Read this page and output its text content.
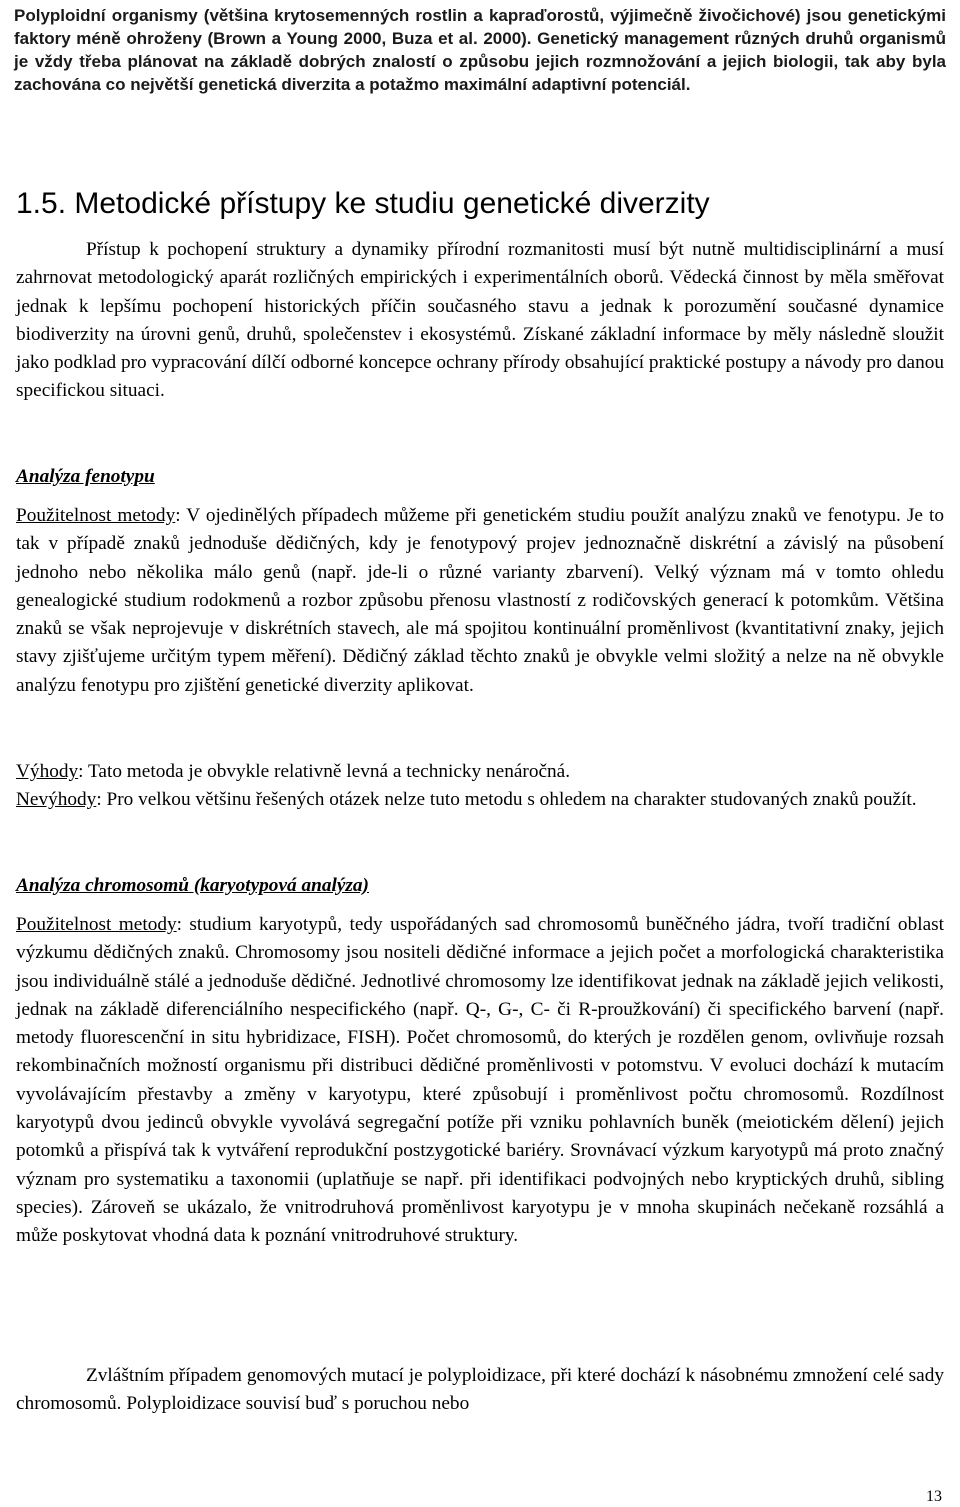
Polyploidní organismy (většina krytosemenných rostlin a kapraďorostů, výjimečně živočichové) jsou genetickými faktory méně ohroženy (Brown a Young 2000, Buza et al. 2000). Genetický management různých druhů organismů je vždy třeba plánovat na základě dobrých znalostí o způsobu jejich rozmnožování a jejich biologii, tak aby byla zachována co největší genetická diverzita a potažmo maximální adaptivní potenciál.
1.5. Metodické přístupy ke studiu genetické diverzity

Přístup k pochopení struktury a dynamiky přírodní rozmanitosti musí být nutně multidisciplinární a musí zahrnovat metodologický aparát rozličných empirických i experimentálních oborů. Vědecká činnost by měla směřovat jednak k lepšímu pochopení historických příčin současného stavu a jednak k porozumění současné dynamice biodiverzity na úrovni genů, druhů, společenstev i ekosystémů. Získané základní informace by měly následně sloužit jako podklad pro vypracování dílčí odborné koncepce ochrany přírody obsahující praktické postupy a návody pro danou specifickou situaci.

Analýza fenotypu

Použitelnost metody: V ojedinělých případech můžeme při genetickém studiu použít analýzu znaků ve fenotypu. Je to tak v případě znaků jednoduše dědičných, kdy je fenotypový projev jednoznačně diskrétní a závislý na působení jednoho nebo několika málo genů (např. jde-li o různé varianty zbarvení). Velký význam má v tomto ohledu genealogické studium rodokmenů a rozbor způsobu přenosu vlastností z rodičovských generací k potomkům. Většina znaků se však neprojevuje v diskrétních stavech, ale má spojitou kontinuální proměnlivost (kvantitativní znaky, jejich stavy zjišťujeme určitým typem měření). Dědičný základ těchto znaků je obvykle velmi složitý a nelze na ně obvykle analýzu fenotypu pro zjištění genetické diverzity aplikovat.

Výhody: Tato metoda je obvykle relativně levná a technicky nenáročná.

Nevýhody: Pro velkou většinu řešených otázek nelze tuto metodu s ohledem na charakter studovaných znaků použít.

Analýza chromosomů (karyotypová analýza)

Použitelnost metody: studium karyotypů, tedy uspořádaných sad chromosomů buněčného jádra, tvoří tradiční oblast výzkumu dědičných znaků. Chromosomy jsou nositeli dědičné informace a jejich počet a morfologická charakteristika jsou individuálně stálé a jednoduše dědičné. Jednotlivé chromosomy lze identifikovat jednak na základě jejich velikosti, jednak na základě diferenciálního nespecifického (např. Q-, G-, C- či R-proužkování) či specifického barvení (např. metody fluorescenční in situ hybridizace, FISH). Počet chromosomů, do kterých je rozdělen genom, ovlivňuje rozsah rekombinačních možností organismu při distribuci dědičné proměnlivosti v potomstvu. V evoluci dochází k mutacím vyvolávajícím přestavby a změny v karyotypu, které způsobují i proměnlivost počtu chromosomů. Rozdílnost karyotypů dvou jedinců obvykle vyvolává segregační potíže při vzniku pohlavních buněk (meiotickém dělení) jejich potomků a přispívá tak k vytváření reprodukční postzygotické bariéry. Srovnávací výzkum karyotypů má proto značný význam pro systematiku a taxonomii (uplatňuje se např. při identifikaci podvojných nebo kryptických druhů, sibling species). Zároveň se ukázalo, že vnitrodruhová proměnlivost karyotypu je v mnoha skupinách nečekaně rozsáhlá a může poskytovat vhodná data k poznání vnitrodruhové struktury.

Zvláštním případem genomových mutací je polyploidizace, při které dochází k násobnému zmnožení celé sady chromosomů. Polyploidizace souvisí buď s poruchou nebo

13
